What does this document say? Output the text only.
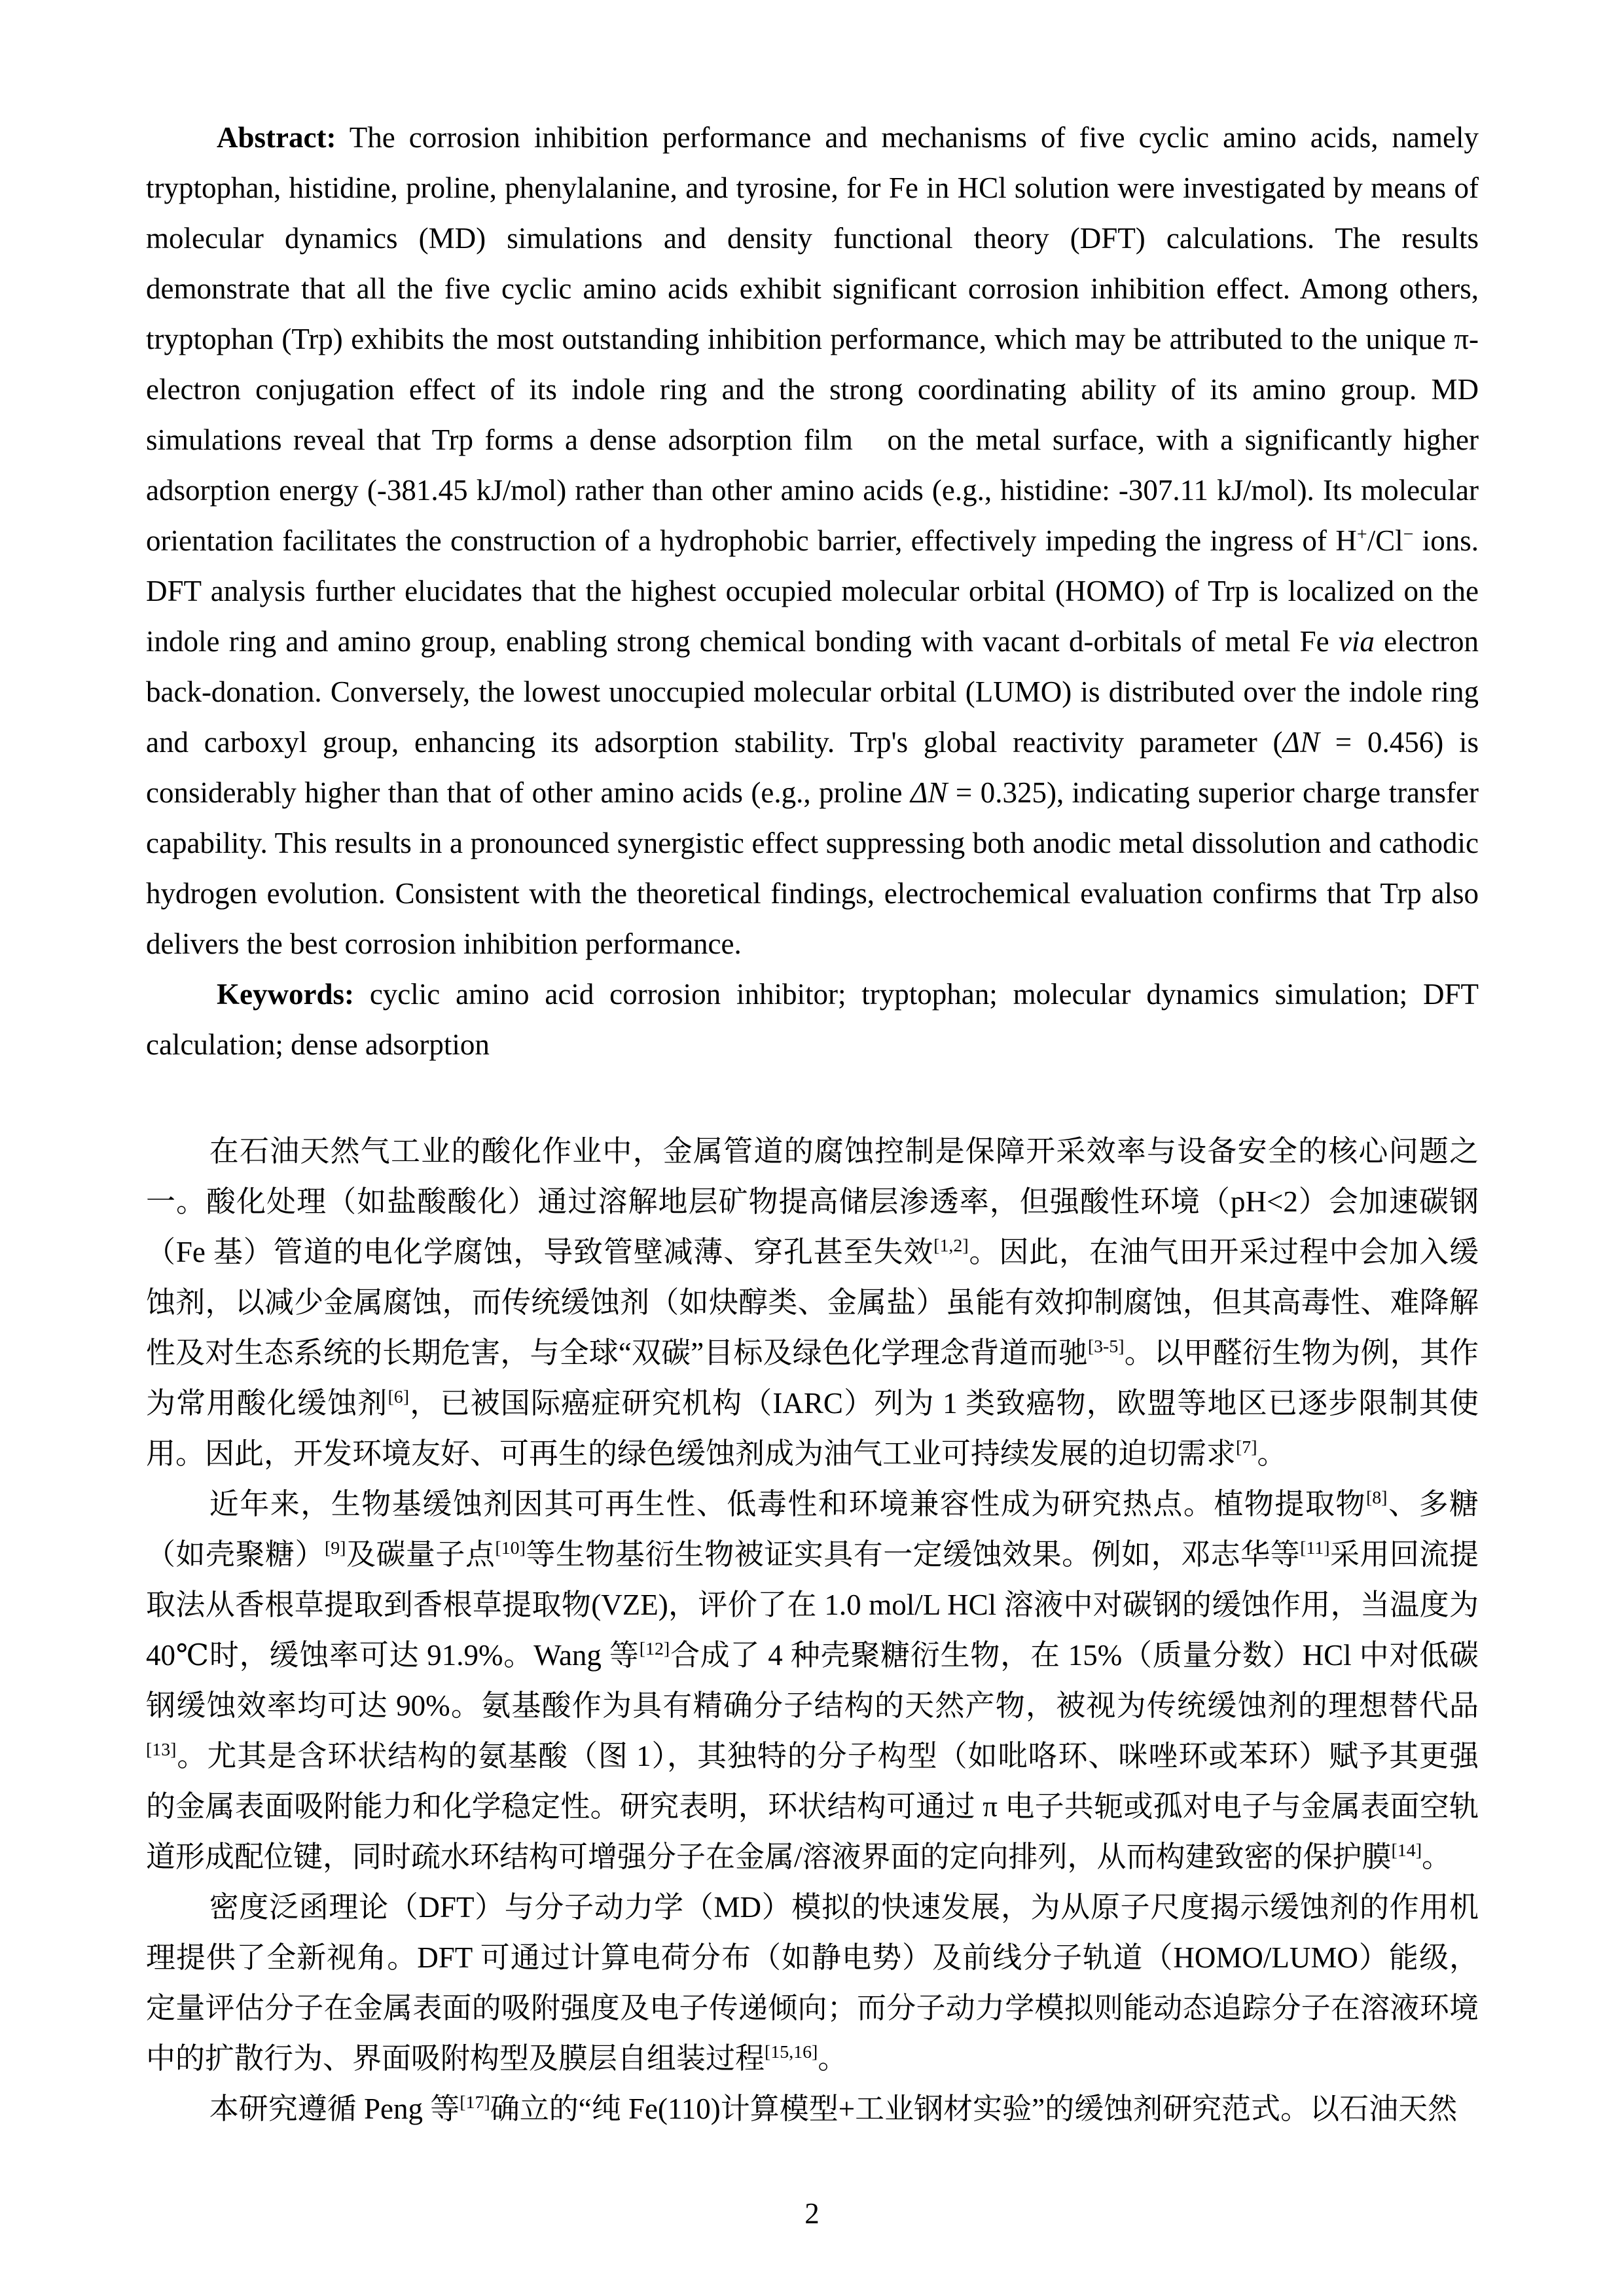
Abstract: The corrosion inhibition performance and mechanisms of five cyclic amino acids, namely tryptophan, histidine, proline, phenylalanine, and tyrosine, for Fe in HCl solution were investigated by means of molecular dynamics (MD) simulations and density functional theory (DFT) calculations. The results demonstrate that all the five cyclic amino acids exhibit significant corrosion inhibition effect. Among others, tryptophan (Trp) exhibits the most outstanding inhibition performance, which may be attributed to the unique π-electron conjugation effect of its indole ring and the strong coordinating ability of its amino group. MD simulations reveal that Trp forms a dense adsorption film   on the metal surface, with a significantly higher adsorption energy (-381.45 kJ/mol) rather than other amino acids (e.g., histidine: -307.11 kJ/mol). Its molecular orientation facilitates the construction of a hydrophobic barrier, effectively impeding the ingress of H+/Cl− ions. DFT analysis further elucidates that the highest occupied molecular orbital (HOMO) of Trp is localized on the indole ring and amino group, enabling strong chemical bonding with vacant d-orbitals of metal Fe via electron back-donation. Conversely, the lowest unoccupied molecular orbital (LUMO) is distributed over the indole ring and carboxyl group, enhancing its adsorption stability. Trp's global reactivity parameter (ΔN = 0.456) is considerably higher than that of other amino acids (e.g., proline ΔN = 0.325), indicating superior charge transfer capability. This results in a pronounced synergistic effect suppressing both anodic metal dissolution and cathodic hydrogen evolution. Consistent with the theoretical findings, electrochemical evaluation confirms that Trp also delivers the best corrosion inhibition performance.

Keywords: cyclic amino acid corrosion inhibitor; tryptophan; molecular dynamics simulation; DFT calculation; dense adsorption

在石油天然气工业的酸化作业中，金属管道的腐蚀控制是保障开采效率与设备安全的核心问题之一。酸化处理（如盐酸酸化）通过溶解地层矿物提高储层渗透率，但强酸性环境（pH<2）会加速碳钢（Fe 基）管道的电化学腐蚀，导致管壁减薄、穿孔甚至失效[1,2]。因此，在油气田开采过程中会加入缓蚀剂，以减少金属腐蚀，而传统缓蚀剂（如炔醇类、金属盐）虽能有效抑制腐蚀，但其高毒性、难降解性及对生态系统的长期危害，与全球“双碳”目标及绿色化学理念背道而驰[3-5]。以甲醛衍生物为例，其作为常用酸化缓蚀剂[6]，已被国际癌症研究机构（IARC）列为 1 类致癌物，欧盟等地区已逐步限制其使用。因此，开发环境友好、可再生的绿色缓蚀剂成为油气工业可持续发展的迫切需求[7]。

近年来，生物基缓蚀剂因其可再生性、低毒性和环境兼容性成为研究热点。植物提取物[8]、多糖（如壳聚糖）[9]及碳量子点[10]等生物基衍生物被证实具有一定缓蚀效果。例如，邓志华等[11]采用回流提取法从香根草提取到香根草提取物(VZE)，评价了在 1.0 mol/L HCl 溶液中对碳钢的缓蚀作用，当温度为 40℃时，缓蚀率可达 91.9%。Wang 等[12]合成了 4 种壳聚糖衍生物，在 15%（质量分数）HCl 中对低碳钢缓蚀效率均可达 90%。氨基酸作为具有精确分子结构的天然产物，被视为传统缓蚀剂的理想替代品[13]。尤其是含环状结构的氨基酸（图 1），其独特的分子构型（如吡咯环、咪唑环或苯环）赋予其更强的金属表面吸附能力和化学稳定性。研究表明，环状结构可通过 π 电子共轭或孤对电子与金属表面空轨道形成配位键，同时疏水环结构可增强分子在金属/溶液界面的定向排列，从而构建致密的保护膜[14]。

密度泛函理论（DFT）与分子动力学（MD）模拟的快速发展，为从原子尺度揭示缓蚀剂的作用机理提供了全新视角。DFT 可通过计算电荷分布（如静电势）及前线分子轨道（HOMO/LUMO）能级，定量评估分子在金属表面的吸附强度及电子传递倾向；而分子动力学模拟则能动态追踪分子在溶液环境中的扩散行为、界面吸附构型及膜层自组装过程[15,16]。

本研究遵循 Peng 等[17]确立的“纯 Fe(110)计算模型+工业钢材实验”的缓蚀剂研究范式。以石油天然

2
